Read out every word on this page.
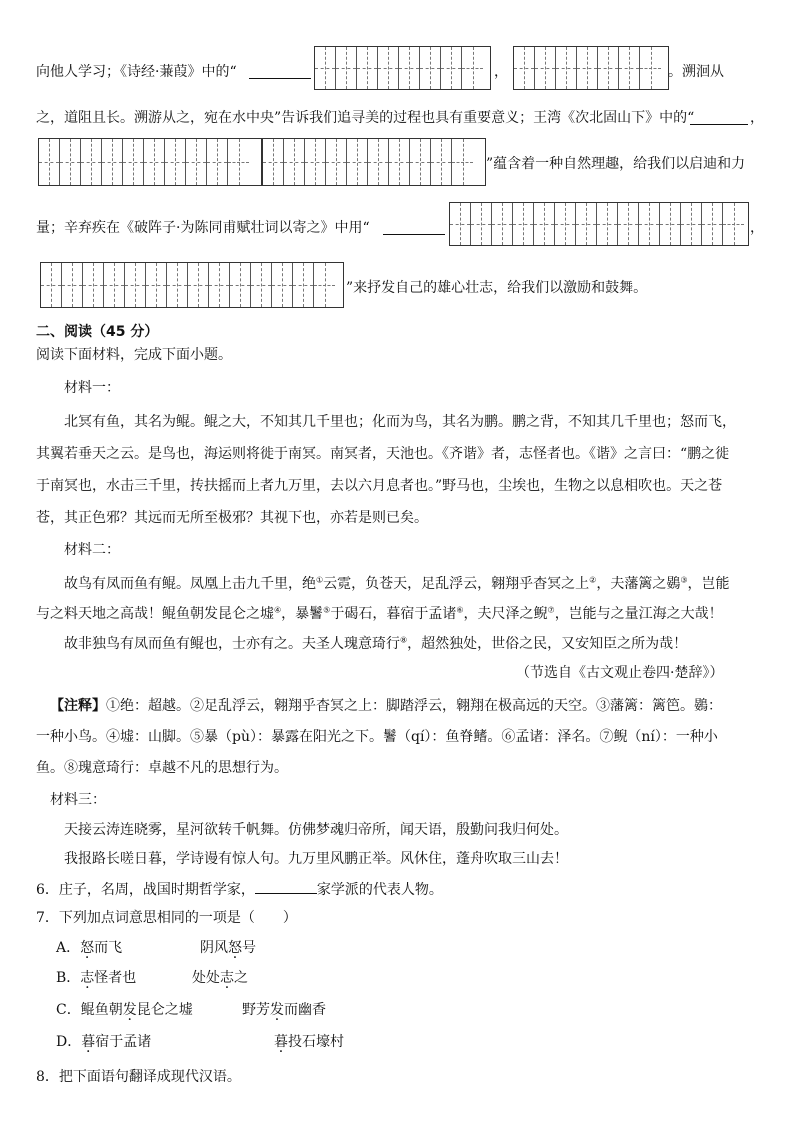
向他人学习；《诗经·蒹葭》中的“	，	。溯洄从
之，道阻且长。溯游从之，宛在水中央”告诉我们追寻美的过程也具有重要意义；王湾《次北固山下》中的“	，
”蕴含着一种自然理趣，给我们以启迪和力
量；辛弃疾在《破阵子·为陈同甫赋壮词以寄之》中用“	，
”来抒发自己的雄心壮志，给我们以激励和鼓舞。
二、阅读（45 分）
阅读下面材料，完成下面小题。
材料一：
北冥有鱼，其名为鲲。鲲之大，不知其几千里也；化而为鸟，其名为鹏。鹏之背，不知其几千里也；怒而飞，
其翼若垂天之云。是鸟也，海运则将徙于南冥。南冥者，天池也。《齐谐》者，志怪者也。《谐》之言曰：“鹏之徙
于南冥也，水击三千里，抟扶摇而上者九万里，去以六月息者也。”野马也，尘埃也，生物之以息相吹也。天之苍
苍，其正色邪？其远而无所至极邪？其视下也，亦若是则已矣。
材料二：
故鸟有凤而鱼有鲲。凤凰上击九千里，绝①云霓，负苍天，足乱浮云，翱翔乎杳冥之上②，夫藩篱之鷃③，岂能
与之料天地之高哉！鲲鱼朝发昆仑之墟④，暴鬐⑤于碣石，暮宿于孟诸⑥，夫尺泽之鲵⑦，岂能与之量江海之大哉！
故非独鸟有凤而鱼有鲲也，士亦有之。夫圣人瑰意琦行⑧，超然独处，世俗之民，又安知臣之所为哉！
（节选自《古文观止卷四·楚辞》）
【注释】①绝：超越。②足乱浮云，翱翔乎杳冥之上：脚踏浮云，翱翔在极高远的天空。③藩篱：篱笆。鷃：
一种小鸟。④墟：山脚。⑤暴（pù）：暴露在阳光之下。鬐（qí）：鱼脊鳍。⑥孟诸：泽名。⑦鲵（ní）：一种小
鱼。⑧瑰意琦行：卓越不凡的思想行为。
材料三：
天接云涛连晓雾，星河欲转千帆舞。仿佛梦魂归帝所，闻天语，殷勤问我归何处。
我报路长嗟日暮，学诗谩有惊人句。九万里风鹏正举。风休住，蓬舟吹取三山去！
6．庄子，名周，战国时期哲学家，	家学派的代表人物。
7．下列加点词意思相同的一项是（　　）
A．怒而飞	阴风怒号
B．志怪者也	处处志之
C．鲲鱼朝发昆仑之墟	野芳发而幽香
D．暮宿于孟诸	暮投石壕村
8．把下面语句翻译成现代汉语。
